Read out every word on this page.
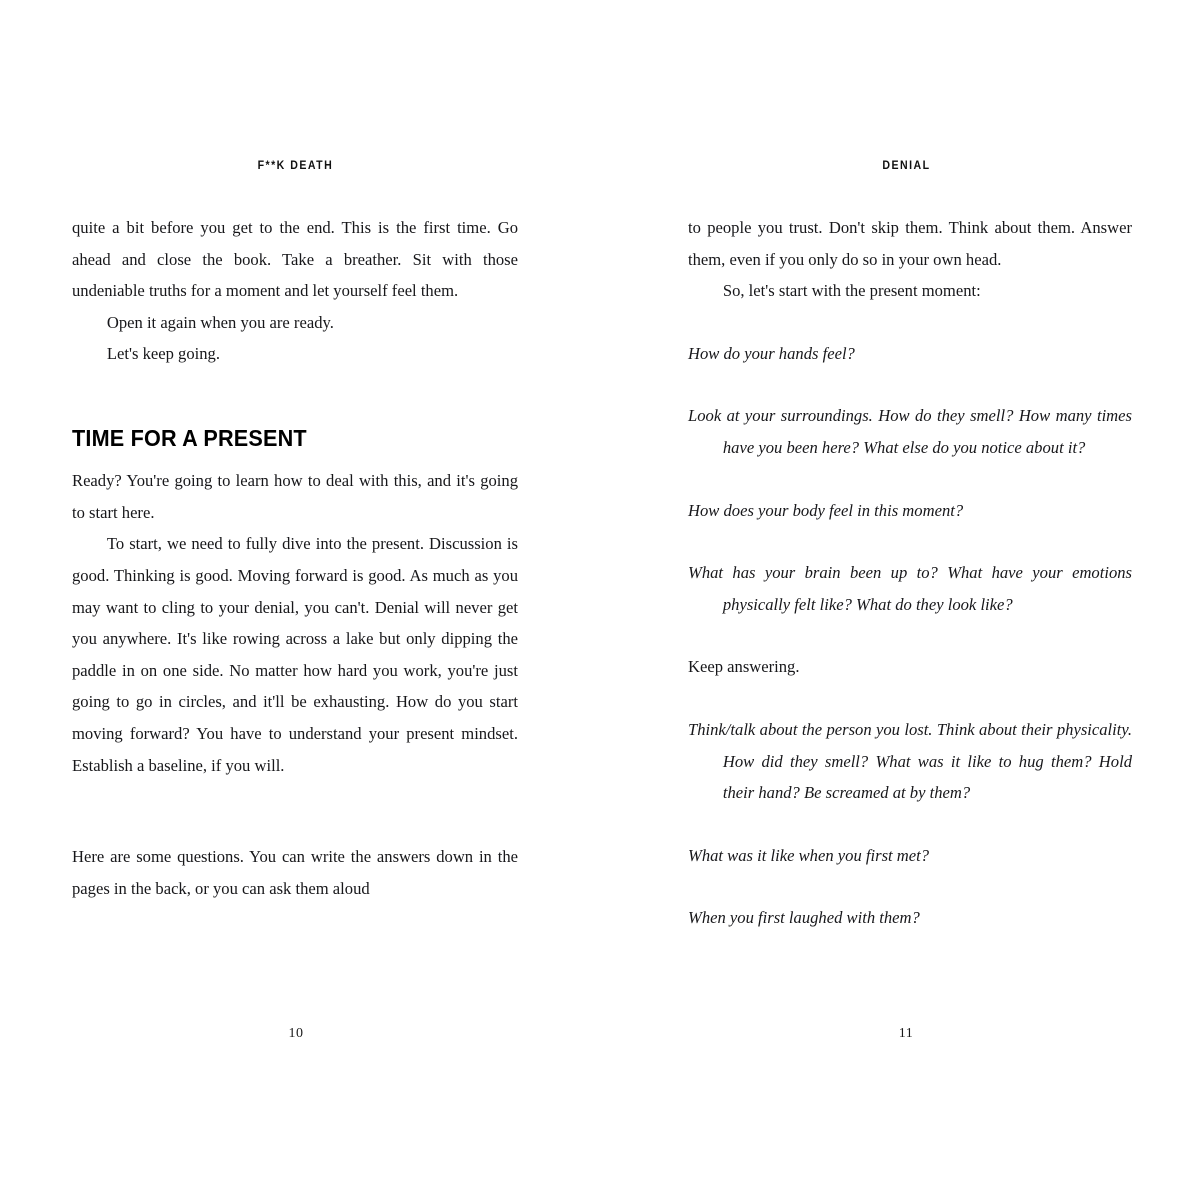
F**K DEATH

quite a bit before you get to the end. This is the first time. Go ahead and close the book. Take a breather. Sit with those undeniable truths for a moment and let yourself feel them.

Open it again when you are ready.

Let's keep going.

TIME FOR A PRESENT

Ready? You're going to learn how to deal with this, and it's going to start here.

To start, we need to fully dive into the present. Discussion is good. Thinking is good. Moving forward is good. As much as you may want to cling to your denial, you can't. Denial will never get you anywhere. It's like rowing across a lake but only dipping the paddle in on one side. No matter how hard you work, you're just going to go in circles, and it'll be exhausting. How do you start moving forward? You have to understand your present mindset. Establish a baseline, if you will.

Here are some questions. You can write the answers down in the pages in the back, or you can ask them aloud

10
DENIAL

to people you trust. Don't skip them. Think about them. Answer them, even if you only do so in your own head.

So, let's start with the present moment:

How do your hands feel?
Look at your surroundings. How do they smell? How many times have you been here? What else do you notice about it?
How does your body feel in this moment?
What has your brain been up to? What have your emotions physically felt like? What do they look like?
Keep answering.
Think/talk about the person you lost. Think about their physicality. How did they smell? What was it like to hug them? Hold their hand? Be screamed at by them?
What was it like when you first met?
When you first laughed with them?
11
